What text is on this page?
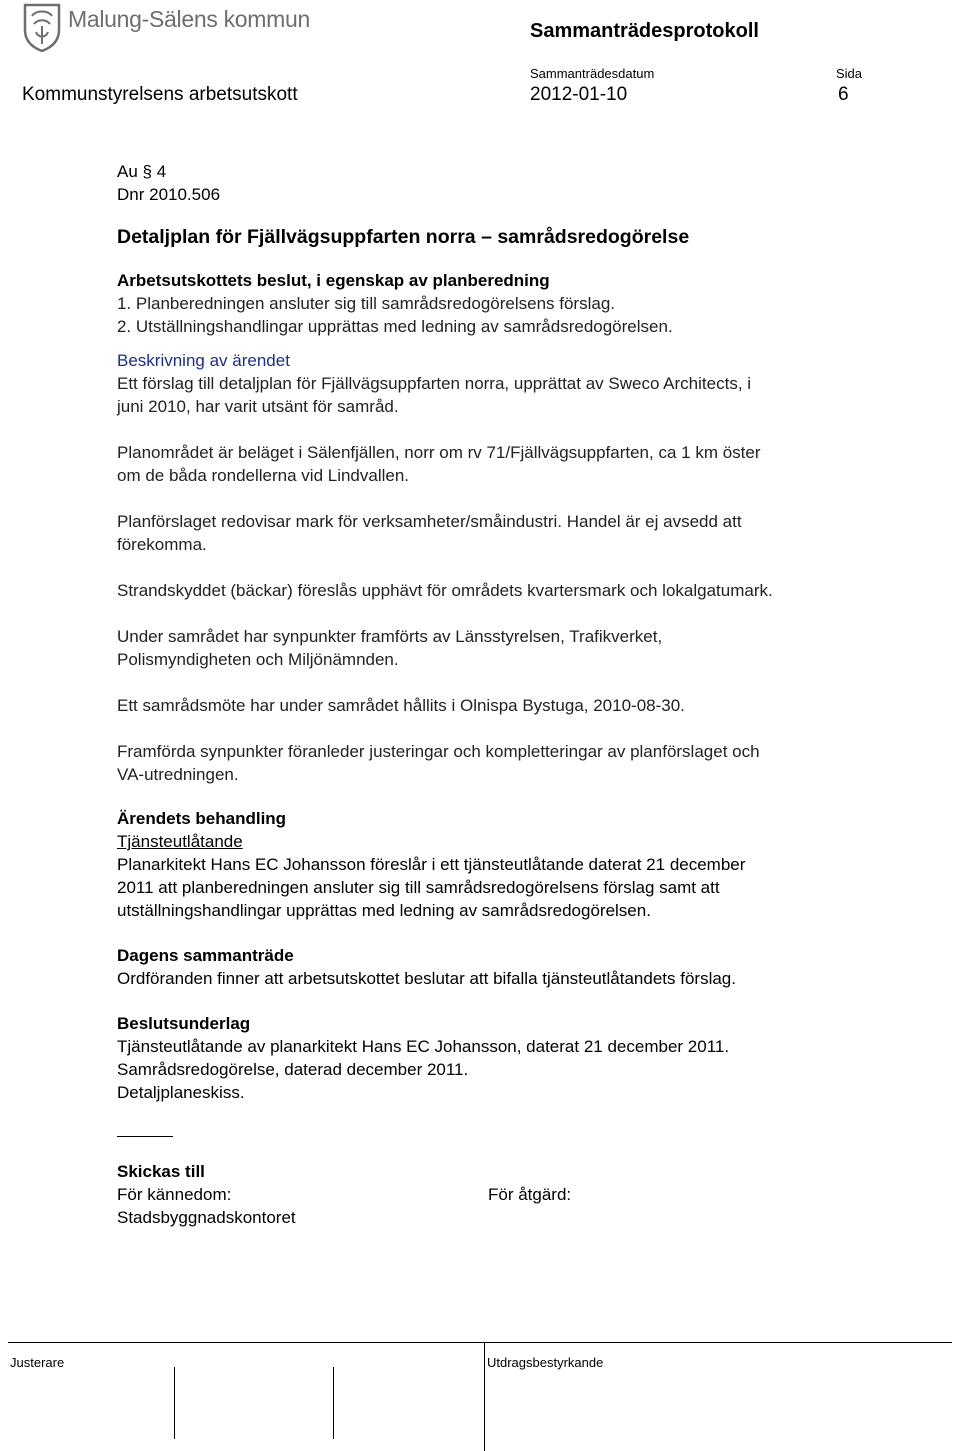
Malung-Sälens kommun	Sammanträdesprotokoll
Sammanträdesdatum	Sida
Kommunstyrelsens arbetsutskott	2012-01-10	6

Au § 4

Dnr 2010.506

Detaljplan för Fjällvägsuppfarten norra – samrådsredogörelse

Arbetsutskottets beslut, i egenskap av planberedning

1. Planberedningen ansluter sig till samrådsredogörelsens förslag.

2. Utställningshandlingar upprättas med ledning av samrådsredogörelsen.

Beskrivning av ärendet

Ett förslag till detaljplan för Fjällvägsuppfarten norra, upprättat av Sweco Architects, i

juni 2010, har varit utsänt för samråd.

Planområdet är beläget i Sälenfjällen, norr om rv 71/Fjällvägsuppfarten, ca 1 km öster

om de båda rondellerna vid Lindvallen.

Planförslaget redovisar mark för verksamheter/småindustri. Handel är ej avsedd att

förekomma.

Strandskyddet (bäckar) föreslås upphävt för områdets kvartersmark och lokalgatumark.

Under samrådet har synpunkter framförts av Länsstyrelsen, Trafikverket,

Polismyndigheten och Miljönämnden.

Ett samrådsmöte har under samrådet hållits i Olnispa Bystuga, 2010-08-30.

Framförda synpunkter föranleder justeringar och kompletteringar av planförslaget och

VA-utredningen.

Ärendets behandling

Tjänsteutlåtande

Planarkitekt Hans EC Johansson föreslår i ett tjänsteutlåtande daterat 21 december

2011 att planberedningen ansluter sig till samrådsredogörelsens förslag samt att

utställningshandlingar upprättas med ledning av samrådsredogörelsen.

Dagens sammanträde

Ordföranden finner att arbetsutskottet beslutar att bifalla tjänsteutlåtandets förslag.

Beslutsunderlag

Tjänsteutlåtande av planarkitekt Hans EC Johansson, daterat 21 december 2011.

Samrådsredogörelse, daterad december 2011.

Detaljplaneskiss.

Skickas till

För kännedom:	För åtgärd:

Stadsbyggnadskontoret

Justerare	Utdragsbestyrkande
